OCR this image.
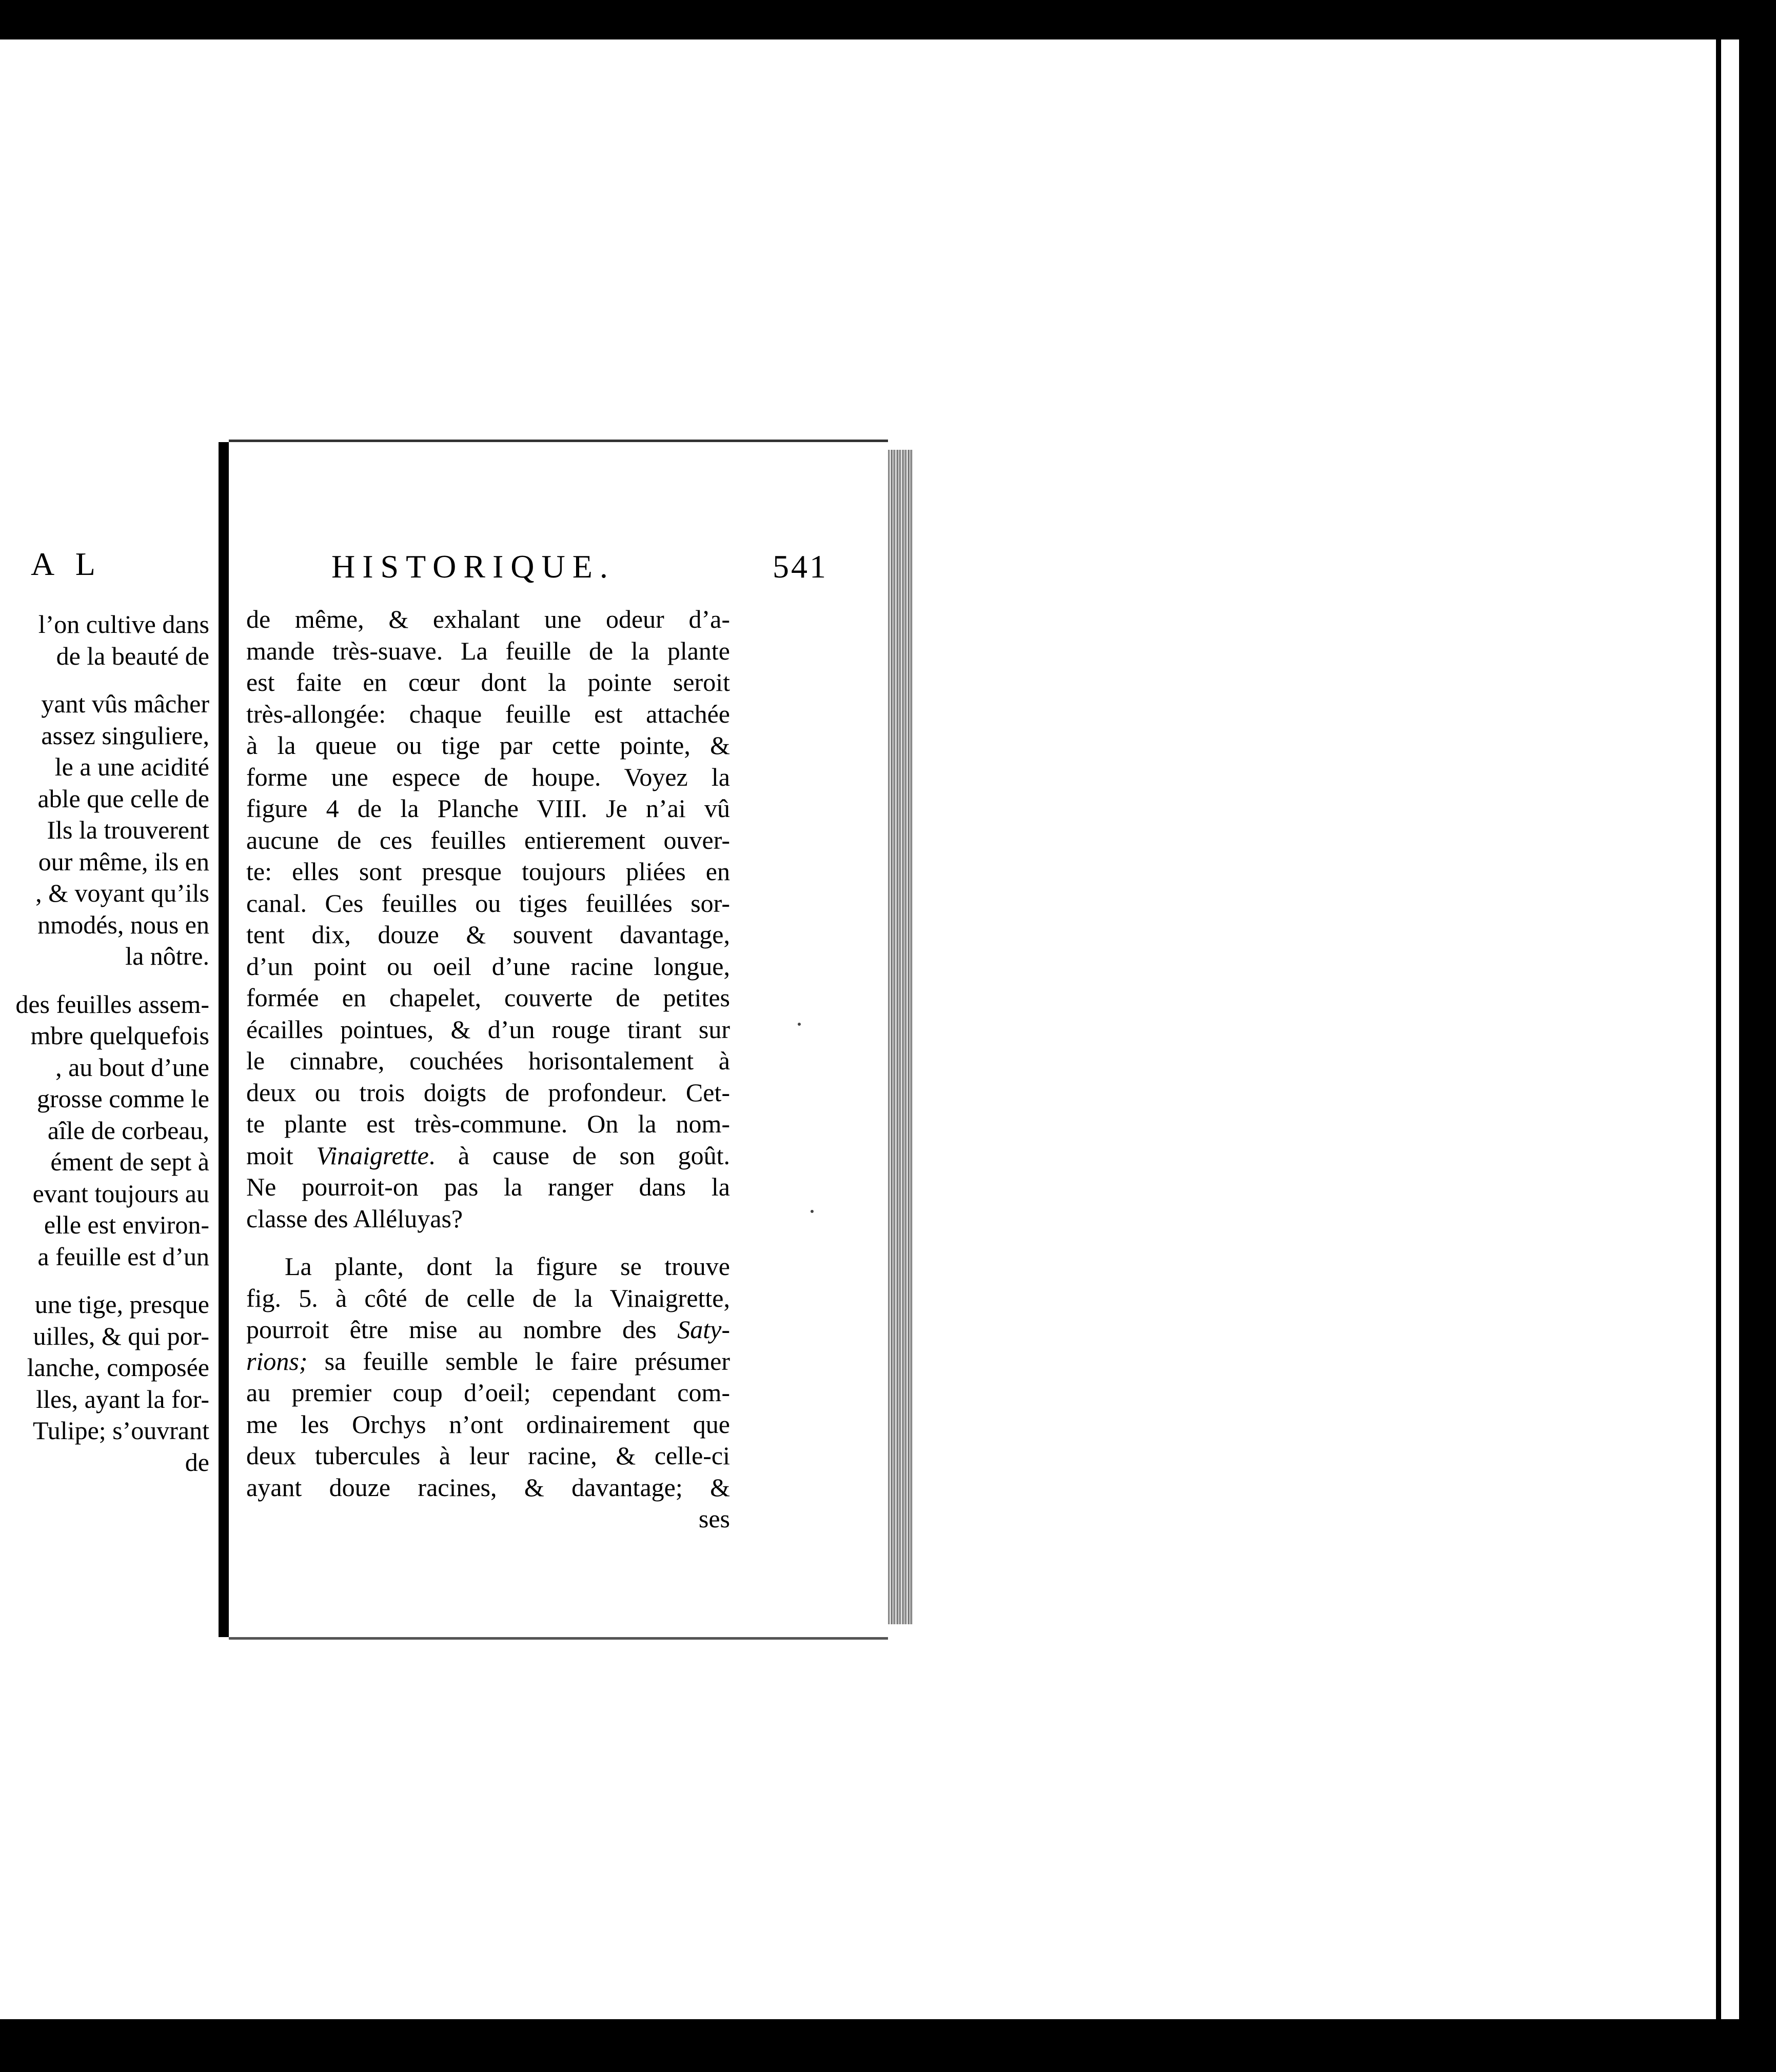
A L
l’on cultive dans
de la beauté de
yant vûs mâcher
assez singuliere,
le a une acidité
able que celle de
Ils la trouverent
our même, ils en
, & voyant qu’ils
nmodés, nous en
la nôtre.
des feuilles assem-
mbre quelquefois
, au bout d’une
grosse comme le
aîle de corbeau,
ément de sept à
evant toujours au
elle est environ-
a feuille est d’un
une tige, presque
uilles, & qui por-
lanche, composée
lles, ayant la for-
Tulipe; s’ouvrant
de
HISTORIQUE.	541
de même, & exhalant une odeur d’a-
mande très-suave. La feuille de la plante
est faite en cœur dont la pointe seroit
très-allongée: chaque feuille est attachée
à la queue ou tige par cette pointe, &
forme une espece de houpe. Voyez la
figure 4 de la Planche VIII. Je n’ai vû
aucune de ces feuilles entierement ouver-
te: elles sont presque toujours pliées en
canal. Ces feuilles ou tiges feuillées sor-
tent dix, douze & souvent davantage,
d’un point ou oeil d’une racine longue,
formée en chapelet, couverte de petites
écailles pointues, & d’un rouge tirant sur
le cinnabre, couchées horisontalement à
deux ou trois doigts de profondeur. Cet-
te plante est très-commune. On la nom-
moit Vinaigrette. à cause de son goût.
Ne pourroit-on pas la ranger dans la
classe des Alléluyas?
La plante, dont la figure se trouve
fig. 5. à côté de celle de la Vinaigrette,
pourroit être mise au nombre des Saty-
rions; sa feuille semble le faire présumer
au premier coup d’oeil; cependant com-
me les Orchys n’ont ordinairement que
deux tubercules à leur racine, & celle-ci
ayant douze racines, & davantage; &
ses
